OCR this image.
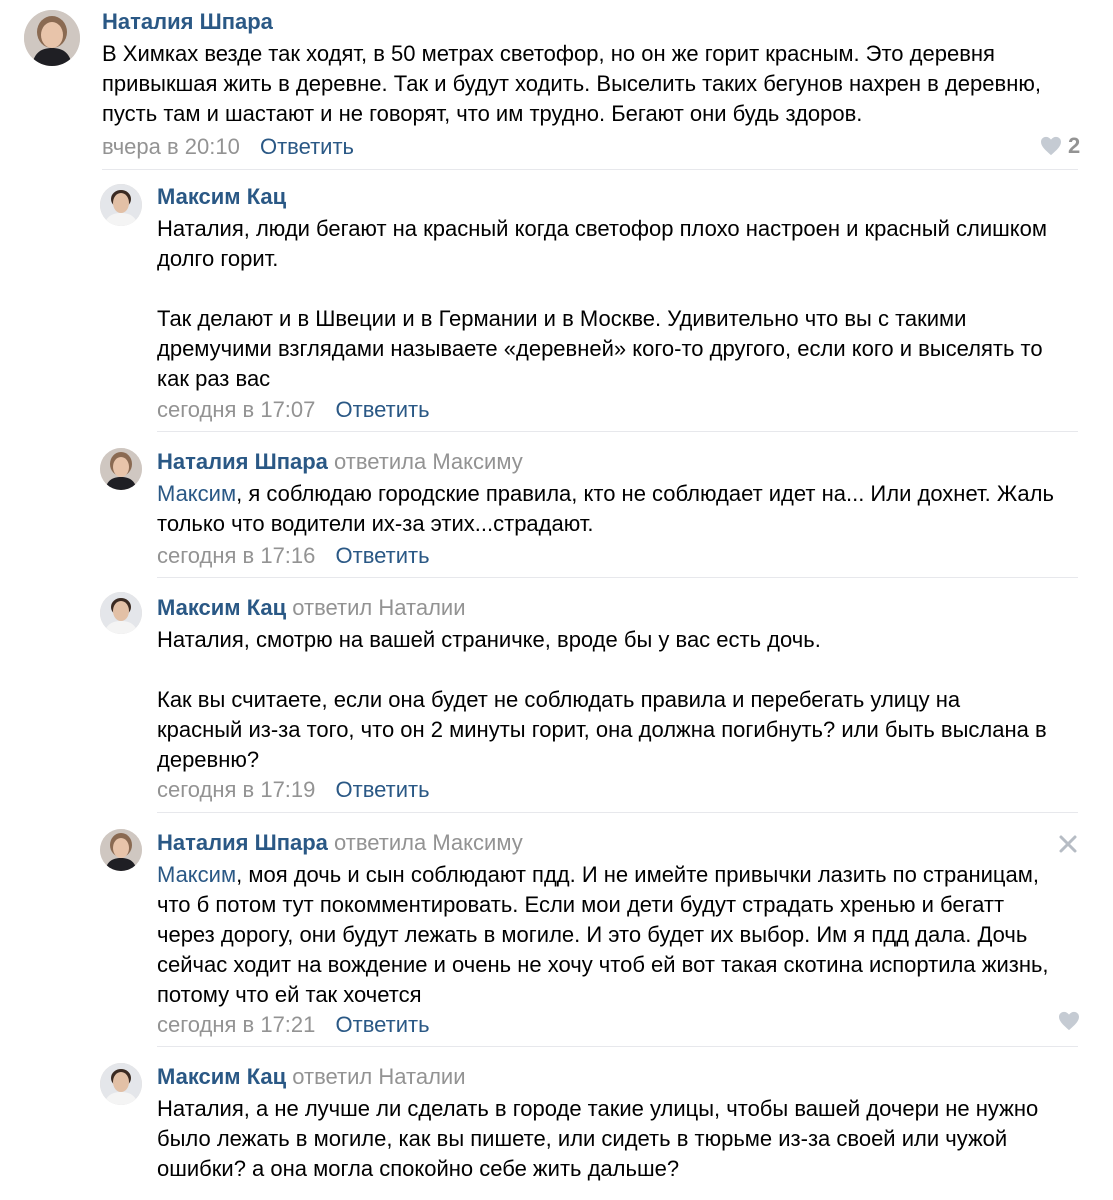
Наталия Шпара

В Химках везде так ходят, в 50 метрах светофор, но он же горит красным. Это деревня привыкшая жить в деревне. Так и будут ходить. Выселить таких бегунов нахрен в деревню, пусть там и шастают и не говорят, что им трудно. Бегают они будь здоров.

вчера в 20:10 Ответить	2
Максим Кац

Наталия, люди бегают на красный когда светофор плохо настроен и красный слишком долго горит.

Так делают и в Швеции и в Германии и в Москве. Удивительно что вы с такими дремучими взглядами называете «деревней» кого-то другого, если кого и выселять то как раз вас

сегодня в 17:07 Ответить
Наталия Шпара ответила Максиму

Максим, я соблюдаю городские правила, кто не соблюдает идет на... Или дохнет. Жаль только что водители их-за этих...страдают.

сегодня в 17:16 Ответить
Максим Кац ответил Наталии

Наталия, смотрю на вашей страничке, вроде бы у вас есть дочь.

Как вы считаете, если она будет не соблюдать правила и перебегать улицу на красный из-за того, что он 2 минуты горит, она должна погибнуть? или быть выслана в деревню?

сегодня в 17:19 Ответить
Наталия Шпара ответила Максиму

Максим, моя дочь и сын соблюдают пдд. И не имейте привычки лазить по страницам, что б потом тут покомментировать. Если мои дети будут страдать хренью и бегатт через дорогу, они будут лежать в могиле. И это будет их выбор. Им я пдд дала. Дочь сейчас ходит на вождение и очень не хочу чтоб ей вот такая скотина испортила жизнь, потому что ей так хочется

сегодня в 17:21 Ответить
Максим Кац ответил Наталии

Наталия, а не лучше ли сделать в городе такие улицы, чтобы вашей дочери не нужно было лежать в могиле, как вы пишете, или сидеть в тюрьме из-за своей или чужой ошибки? а она могла спокойно себе жить дальше?
